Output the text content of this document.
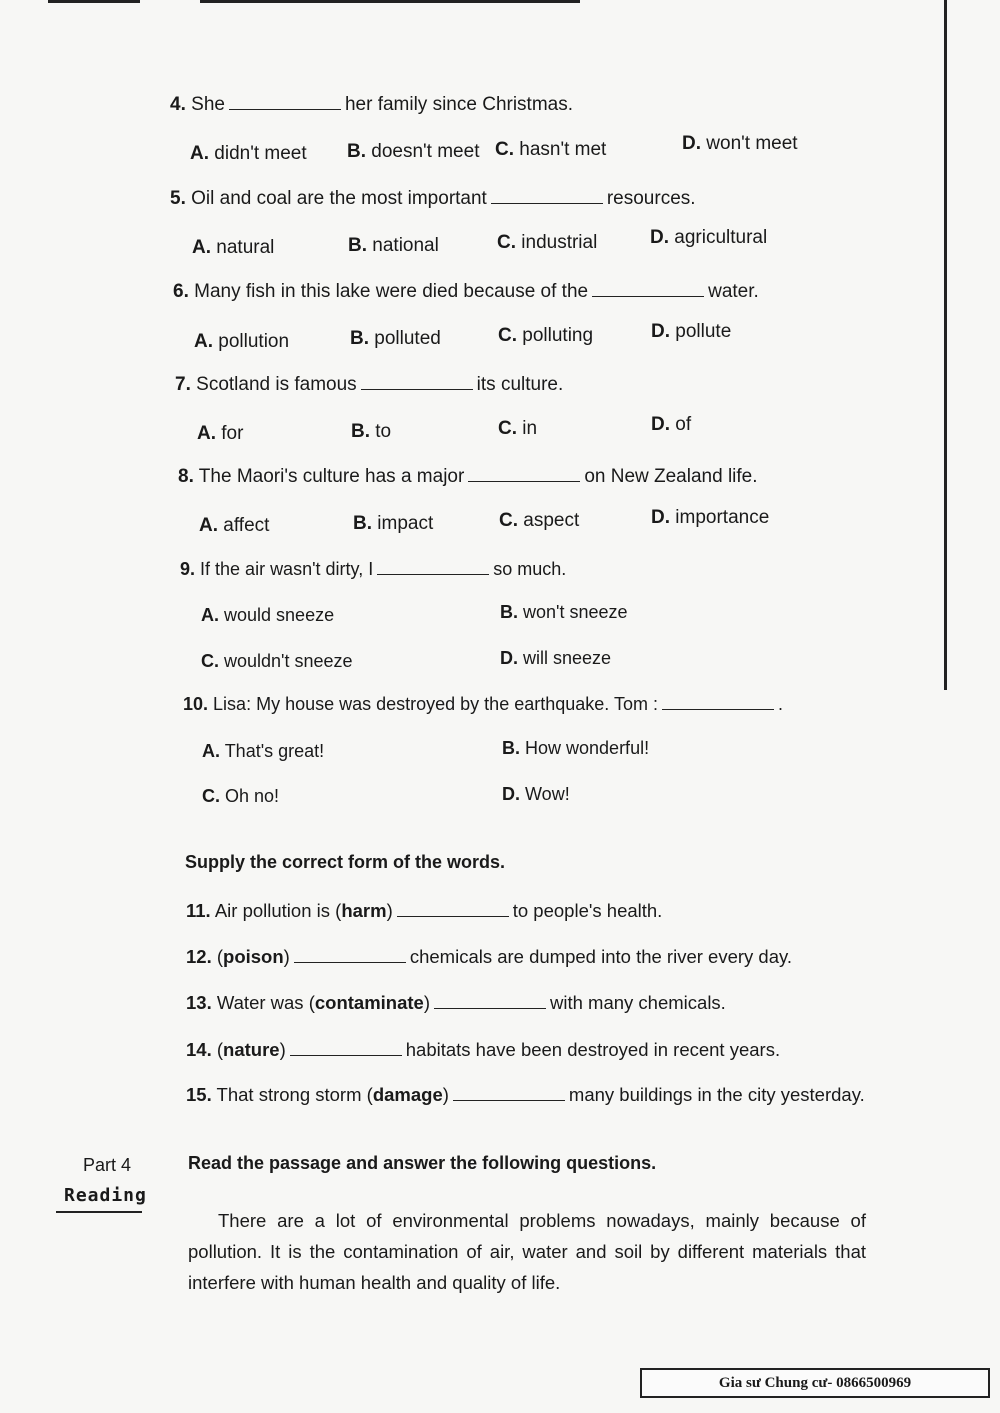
4. She	her family since Christmas.
A. didn't meet B. doesn't meet C. hasn't met	D. won't meet
5. Oil and coal are the most important	resources.
A. natural	B. national	C. industrial	D. agricultural
6. Many fish in this lake were died because of the	water.
A. pollution	B. polluted	C. polluting	D. pollute
7. Scotland is famous	its culture.
A. for	B. to	C. in	D. of
8. The Maori's culture has a major	on New Zealand life.
A. affect	B. impact	C. aspect	D. importance
9. If the air wasn't dirty, I	so much.
A. would sneeze	B. won't sneeze
C. wouldn't sneeze	D. will sneeze
10. Lisa: My house was destroyed by the earthquake. Tom :	.
A. That's great!	B. How wonderful!
C. Oh no!	D. Wow!
Supply the correct form of the words.
11. Air pollution is (harm)	to people's health.
12. (poison)	chemicals are dumped into the river every day.
13. Water was (contaminate)	with many chemicals.
14. (nature)	habitats have been destroyed in recent years.
15. That strong storm (damage)	many buildings in the city yesterday.
Part 4
Reading
Read the passage and answer the following questions.
There are a lot of environmental problems nowadays, mainly because of pollution. It is the contamination of air, water and soil by different materials that interfere with human health and quality of life.
Gia sư Chung cư- 0866500969
